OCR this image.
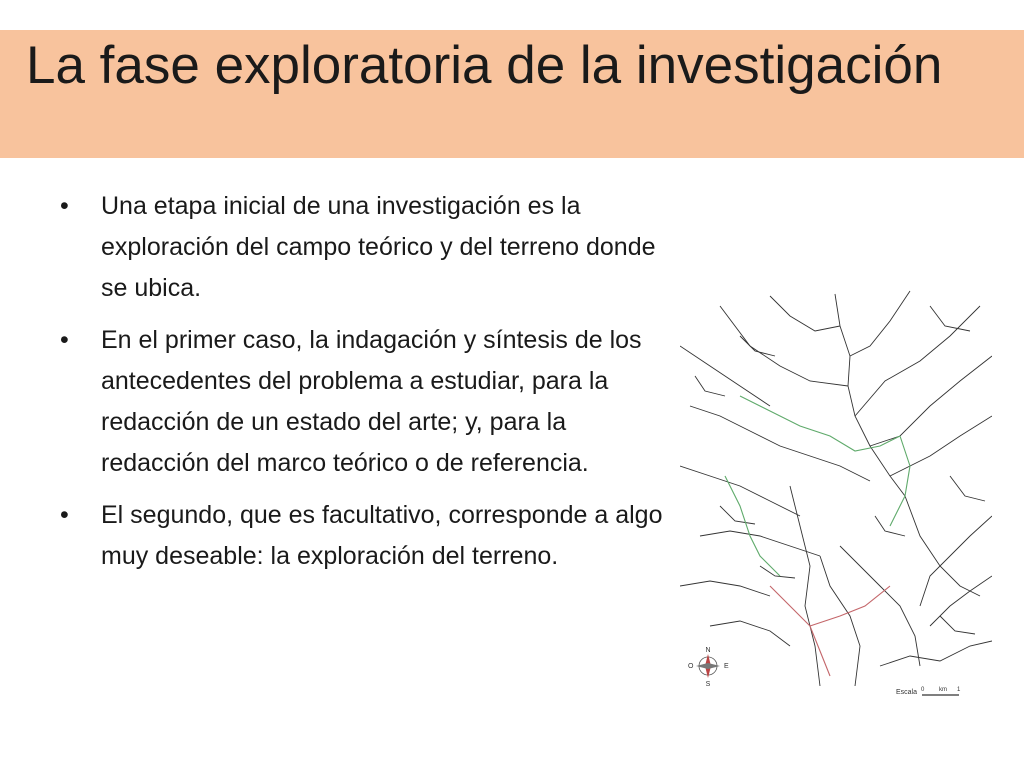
La fase exploratoria de la investigación
• Una etapa inicial de una investigación es la exploración del campo teórico y del terreno donde se ubica.
• En el primer caso, la indagación y síntesis de los antecedentes del problema a estudiar, para la redacción de un estado del arte; y, para la redacción del marco teórico o de referencia.
• El segundo, que es facultativo, corresponde a algo muy deseable: la exploración del terreno.
N
S
E
O
Escala 0 km 1
